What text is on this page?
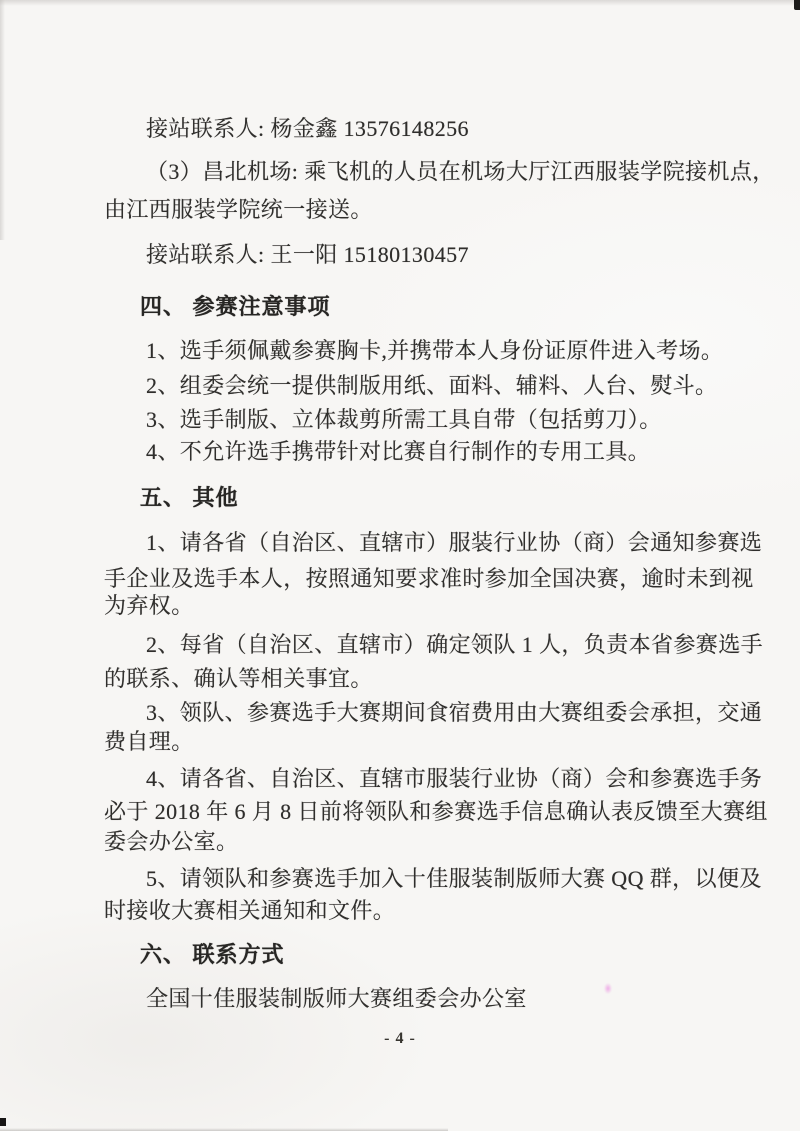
接站联系人: 杨金鑫 13576148256
（3）昌北机场: 乘飞机的人员在机场大厅江西服装学院接机点，
由江西服装学院统一接送。
接站联系人: 王一阳 15180130457
四、 参赛注意事项
1、选手须佩戴参赛胸卡,并携带本人身份证原件进入考场。
2、组委会统一提供制版用纸、面料、辅料、人台、熨斗。
3、选手制版、立体裁剪所需工具自带（包括剪刀）。
4、不允许选手携带针对比赛自行制作的专用工具。
五、 其他
1、请各省（自治区、直辖市）服装行业协（商）会通知参赛选
手企业及选手本人，按照通知要求准时参加全国决赛，逾时未到视
为弃权。
2、每省（自治区、直辖市）确定领队 1 人，负责本省参赛选手
的联系、确认等相关事宜。
3、领队、参赛选手大赛期间食宿费用由大赛组委会承担，交通
费自理。
4、请各省、自治区、直辖市服装行业协（商）会和参赛选手务
必于 2018 年 6 月 8 日前将领队和参赛选手信息确认表反馈至大赛组
委会办公室。
5、请领队和参赛选手加入十佳服装制版师大赛 QQ 群，以便及
时接收大赛相关通知和文件。
六、 联系方式
全国十佳服装制版师大赛组委会办公室
- 4 -
